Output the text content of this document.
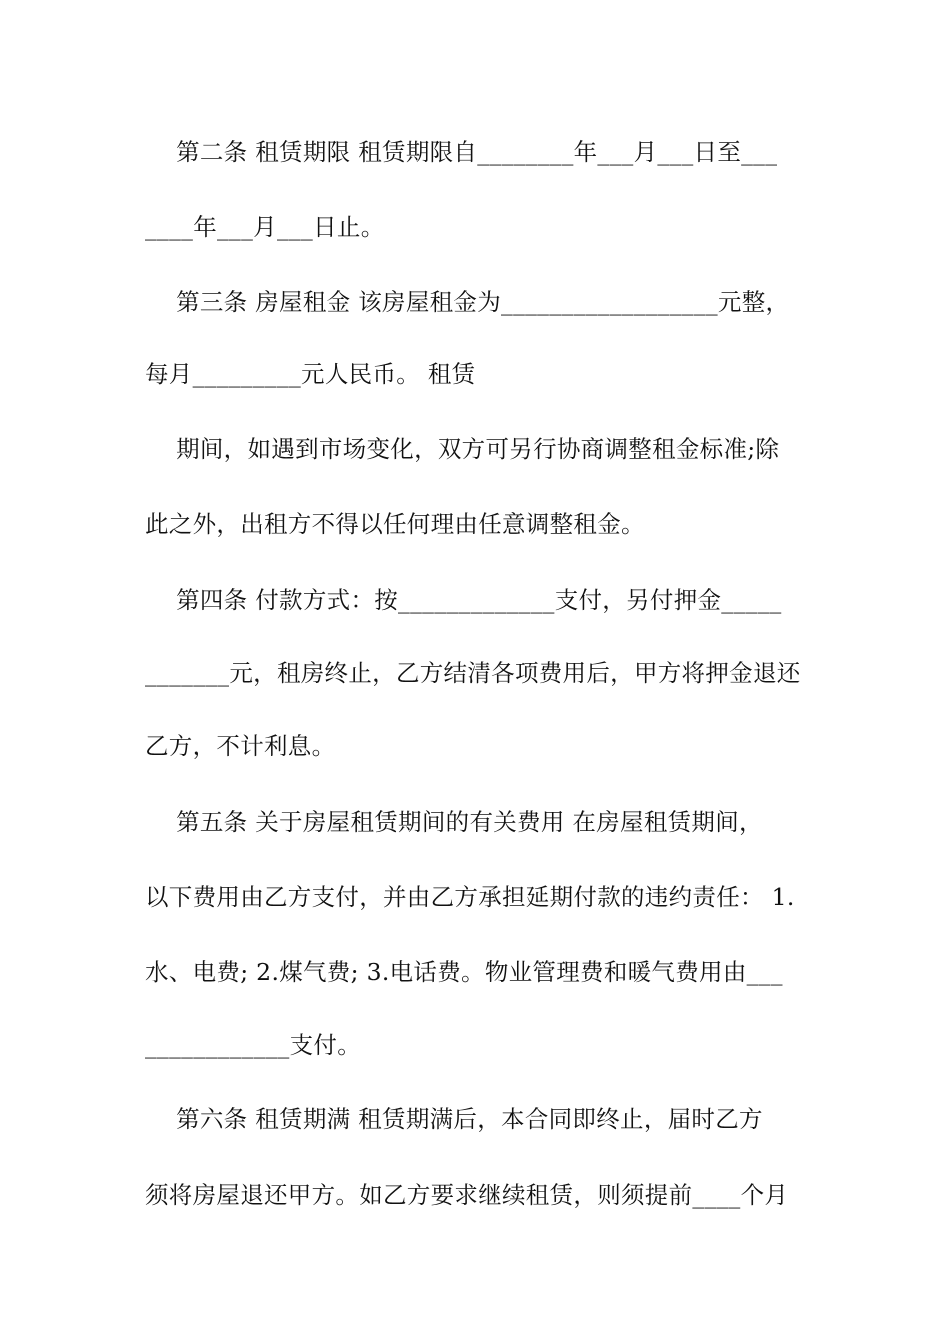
第二条 租赁期限 租赁期限自________年___月___日至___
____年___月___日止。
第三条 房屋租金 该房屋租金为__________________元整，
每月_________元人民币。 租赁
期间，如遇到市场变化，双方可另行协商调整租金标准;除
此之外，出租方不得以任何理由任意调整租金。
第四条 付款方式：按_____________支付，另付押金_____
_______元，租房终止，乙方结清各项费用后，甲方将押金退还
乙方，不计利息。
第五条 关于房屋租赁期间的有关费用 在房屋租赁期间，
以下费用由乙方支付，并由乙方承担延期付款的违约责任： 1.
水、电费; 2.煤气费; 3.电话费。物业管理费和暖气费用由___
____________支付。
第六条 租赁期满 租赁期满后，本合同即终止，届时乙方
须将房屋退还甲方。如乙方要求继续租赁，则须提前____个月
